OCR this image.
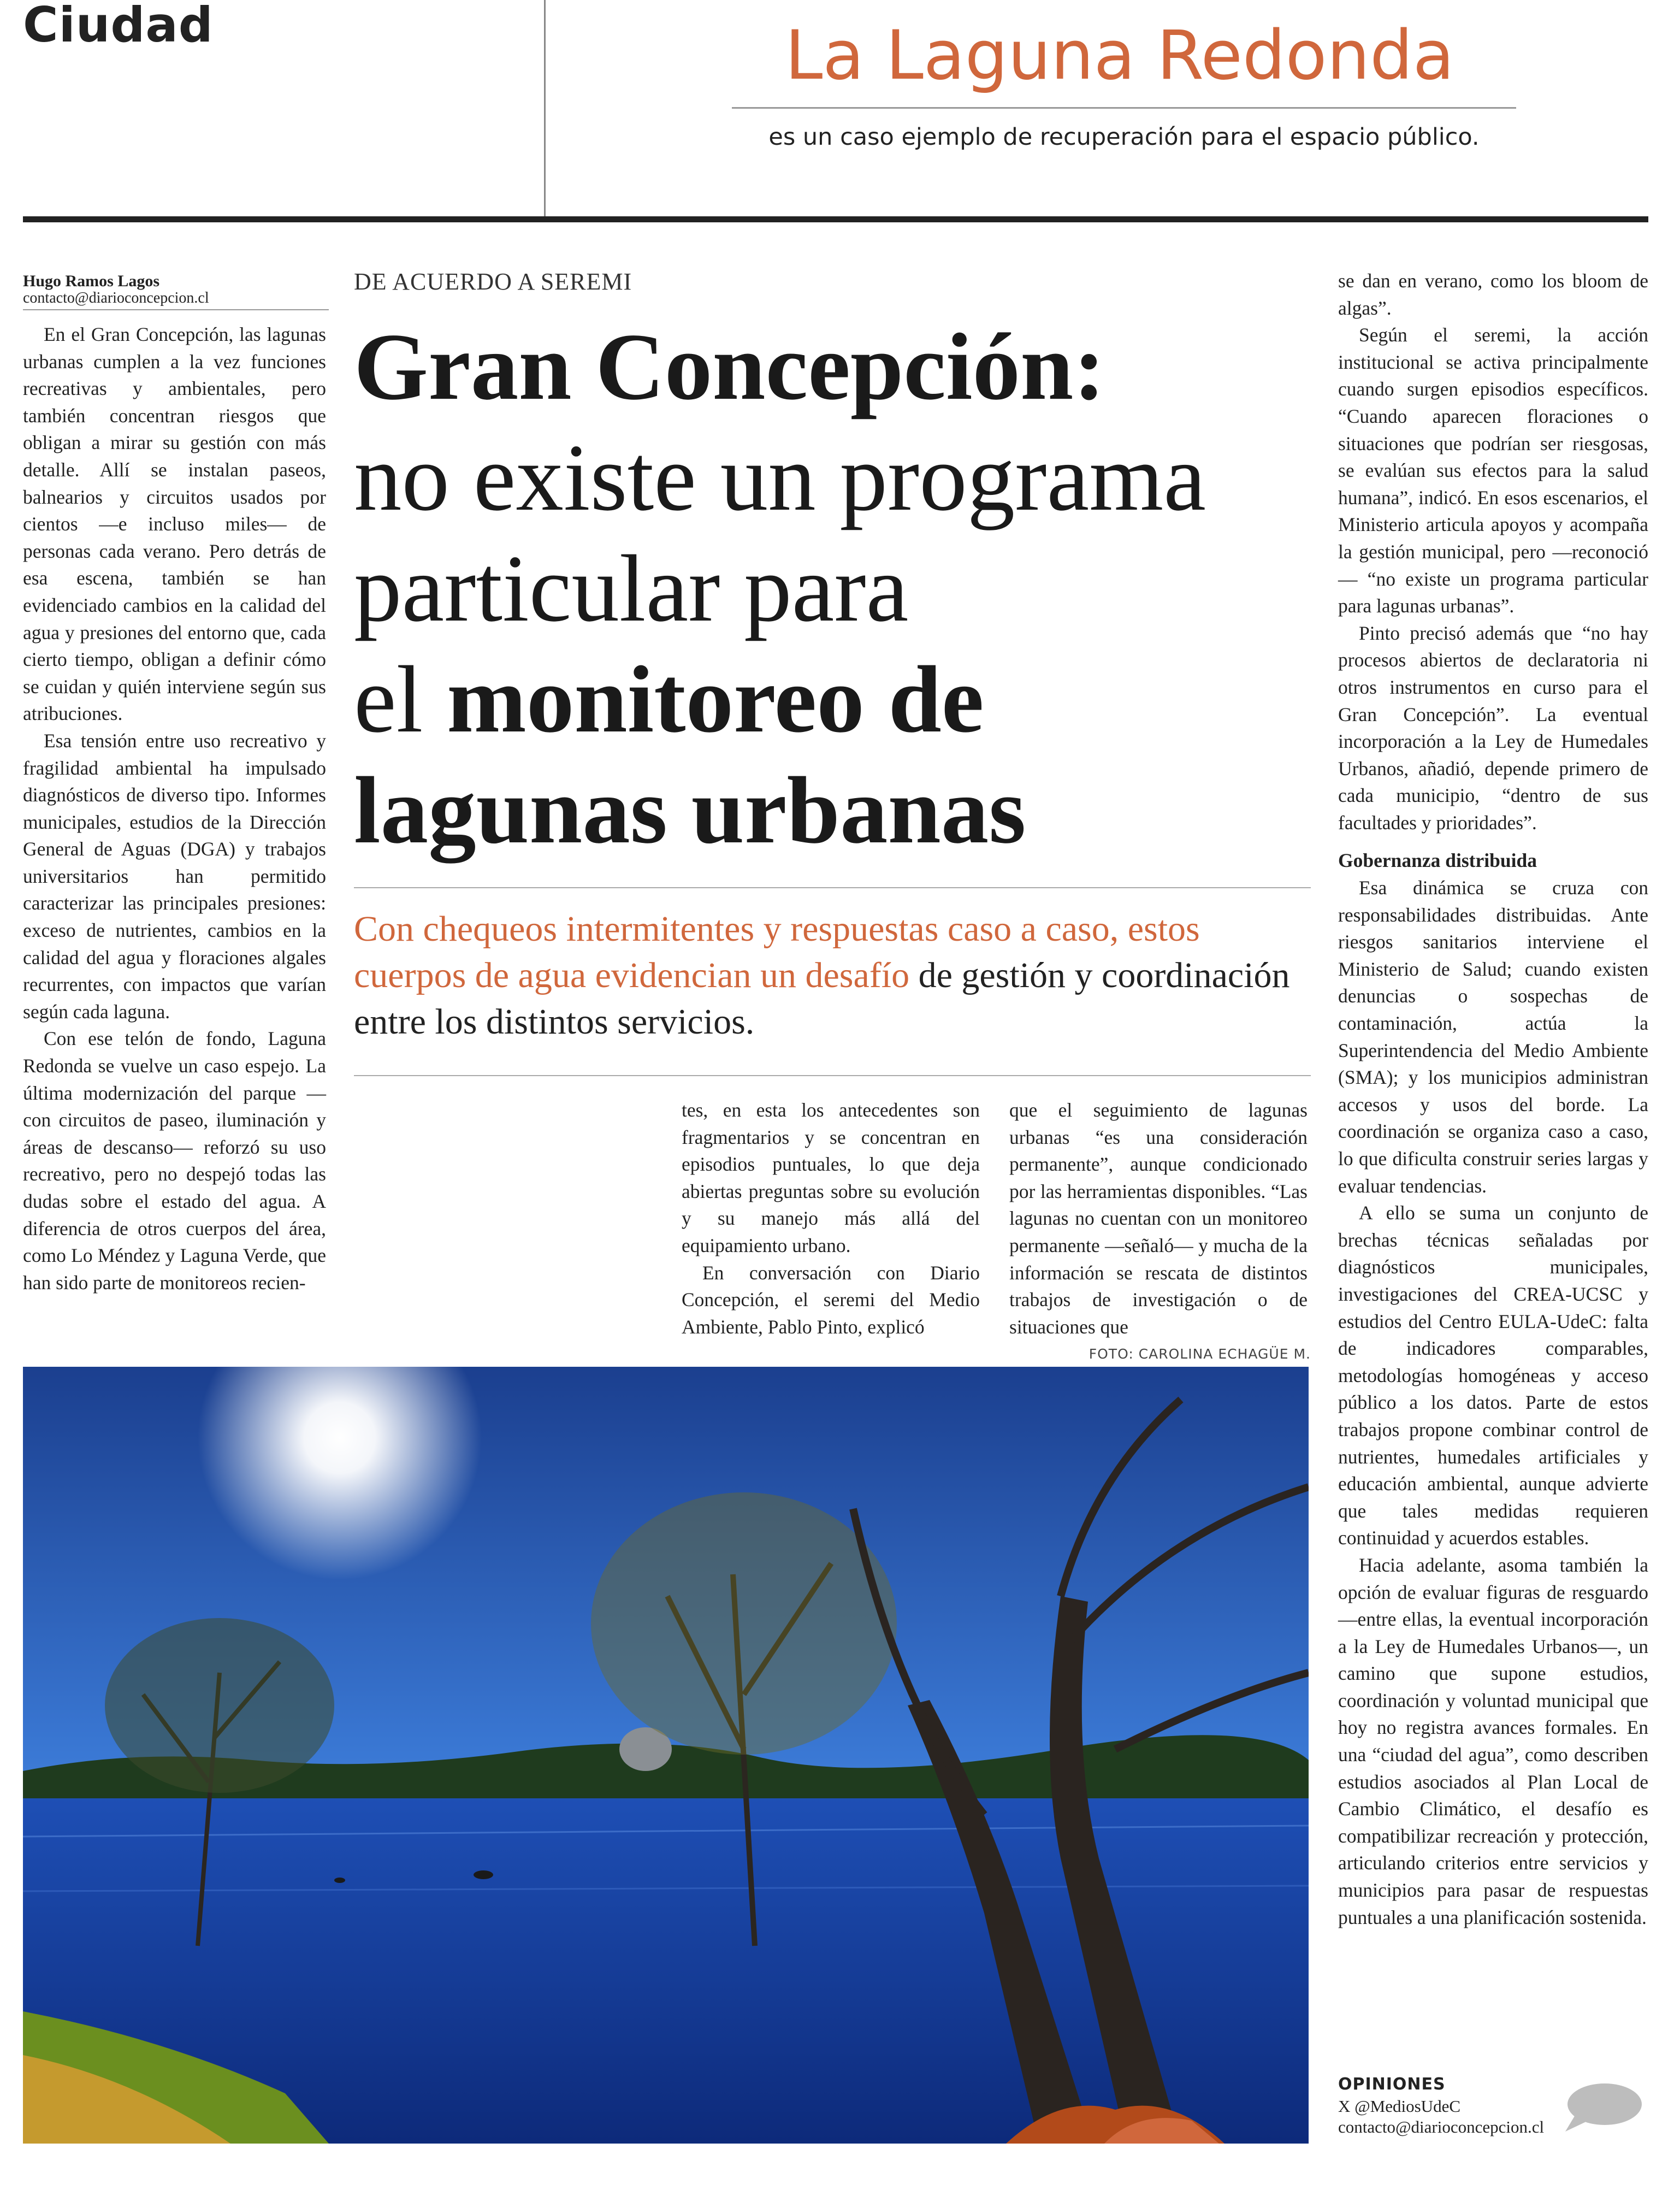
Ciudad	La Laguna Redonda
es un caso ejemplo de recuperación para el espacio público.
Hugo Ramos Lagos
contacto@diarioconcepcion.cl

En el Gran Concepción, las lagunas urbanas cumplen a la vez funciones recreativas y ambientales, pero también concentran riesgos que obligan a mirar su gestión con más detalle. Allí se instalan paseos, balnearios y circuitos usados por cientos —e incluso miles— de personas cada verano. Pero detrás de esa escena, también se han evidenciado cambios en la calidad del agua y presiones del entorno que, cada cierto tiempo, obligan a definir cómo se cuidan y quién interviene según sus atribuciones.

Esa tensión entre uso recreativo y fragilidad ambiental ha impulsado diagnósticos de diverso tipo. Informes municipales, estudios de la Dirección General de Aguas (DGA) y trabajos universitarios han permitido caracterizar las principales presiones: exceso de nutrientes, cambios en la calidad del agua y floraciones algales recurrentes, con impactos que varían según cada laguna.

Con ese telón de fondo, Laguna Redonda se vuelve un caso espejo. La última modernización del parque —con circuitos de paseo, iluminación y áreas de descanso— reforzó su uso recreativo, pero no despejó todas las dudas sobre el estado del agua. A diferencia de otros cuerpos del área, como Lo Méndez y Laguna Verde, que han sido parte de monitoreos recien-

DE ACUERDO A SEREMI
Gran Concepción:
no existe un programa
particular para
el monitoreo de
lagunas urbanas
Con chequeos intermitentes y respuestas caso a caso, estos cuerpos de agua evidencian un desafío de gestión y coordinación entre los distintos servicios.

tes, en esta los antecedentes son fragmentarios y se concentran en episodios puntuales, lo que deja abiertas preguntas sobre su evolución y su manejo más allá del equipamiento urbano.

En conversación con Diario Concepción, el seremi del Medio Ambiente, Pablo Pinto, explicó

que el seguimiento de lagunas urbanas “es una consideración permanente”, aunque condicionado por las herramientas disponibles. “Las lagunas no cuentan con un monitoreo permanente —señaló— y mucha de la información se rescata de distintos trabajos de investigación o de situaciones que

FOTO: CAROLINA ECHAGÜE M.

se dan en verano, como los bloom de algas”.

Según el seremi, la acción institucional se activa principalmente cuando surgen episodios específicos. “Cuando aparecen floraciones o situaciones que podrían ser riesgosas, se evalúan sus efectos para la salud humana”, indicó. En esos escenarios, el Ministerio articula apoyos y acompaña la gestión municipal, pero —reconoció— “no existe un programa particular para lagunas urbanas”.

Pinto precisó además que “no hay procesos abiertos de declaratoria ni otros instrumentos en curso para el Gran Concepción”. La eventual incorporación a la Ley de Humedales Urbanos, añadió, depende primero de cada municipio, “dentro de sus facultades y prioridades”.

Gobernanza distribuida

Esa dinámica se cruza con responsabilidades distribuidas. Ante riesgos sanitarios interviene el Ministerio de Salud; cuando existen denuncias o sospechas de contaminación, actúa la Superintendencia del Medio Ambiente (SMA); y los municipios administran accesos y usos del borde. La coordinación se organiza caso a caso, lo que dificulta construir series largas y evaluar tendencias.

A ello se suma un conjunto de brechas técnicas señaladas por diagnósticos municipales, investigaciones del CREA-UCSC y estudios del Centro EULA-UdeC: falta de indicadores comparables, metodologías homogéneas y acceso público a los datos. Parte de estos trabajos propone combinar control de nutrientes, humedales artificiales y educación ambiental, aunque advierte que tales medidas requieren continuidad y acuerdos estables.

Hacia adelante, asoma también la opción de evaluar figuras de resguardo —entre ellas, la eventual incorporación a la Ley de Humedales Urbanos—, un camino que supone estudios, coordinación y voluntad municipal que hoy no registra avances formales. En una “ciudad del agua”, como describen estudios asociados al Plan Local de Cambio Climático, el desafío es compatibilizar recreación y protección, articulando criterios entre servicios y municipios para pasar de respuestas puntuales a una planificación sostenida.

OPINIONES
X @MediosUdeC
contacto@diarioconcepcion.cl
